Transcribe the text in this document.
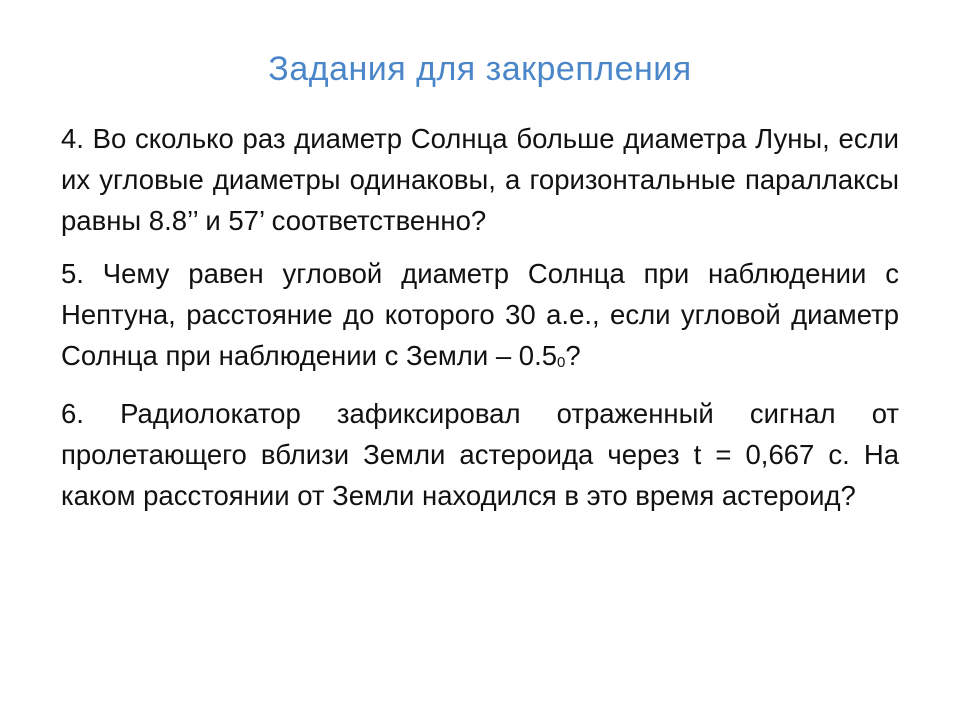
Задания для закрепления

4. Во сколько раз диаметр Солнца больше диаметра Луны, если их угловые диаметры одинаковы, а горизонтальные параллаксы равны 8.8’’ и 57’ соответственно?

5. Чему равен угловой диаметр Солнца при наблюдении с Нептуна, расстояние до которого 30 а.е., если угловой диаметр Солнца при наблюдении с Земли – 0.50?

6. Радиолокатор зафиксировал отраженный сигнал от пролетающего вблизи Земли астероида через t = 0,667 с. На каком расстоянии от Земли находился в это время астероид?
